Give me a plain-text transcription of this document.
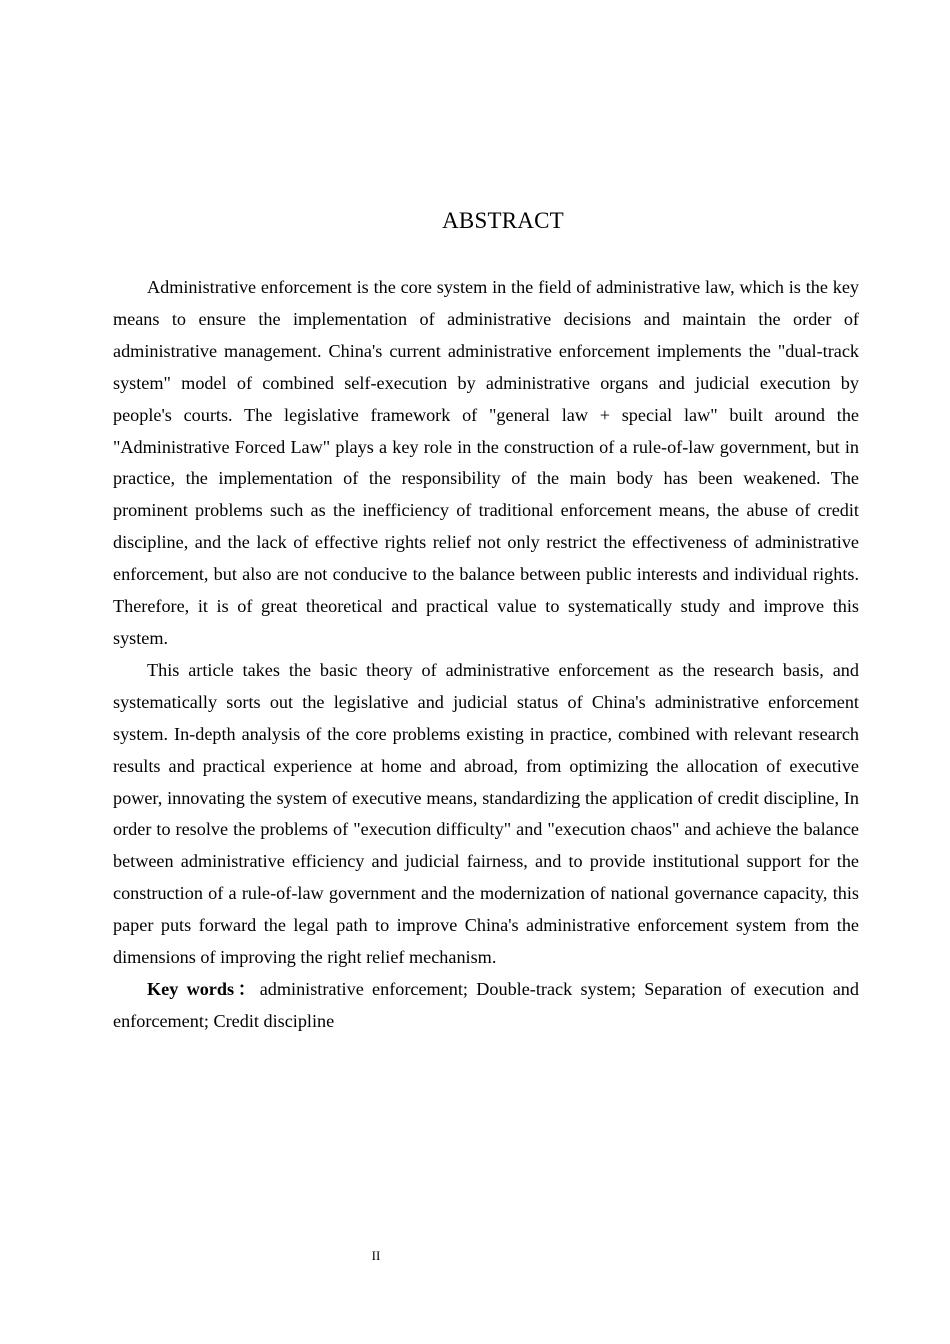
ABSTRACT

Administrative enforcement is the core system in the field of administrative law, which is the key means to ensure the implementation of administrative decisions and maintain the order of administrative management. China's current administrative enforcement implements the "dual-track system" model of combined self-execution by administrative organs and judicial execution by people's courts. The legislative framework of "general law + special law" built around the "Administrative Forced Law" plays a key role in the construction of a rule-of-law government, but in practice, the implementation of the responsibility of the main body has been weakened. The prominent problems such as the inefficiency of traditional enforcement means, the abuse of credit discipline, and the lack of effective rights relief not only restrict the effectiveness of administrative enforcement, but also are not conducive to the balance between public interests and individual rights. Therefore, it is of great theoretical and practical value to systematically study and improve this system.

This article takes the basic theory of administrative enforcement as the research basis, and systematically sorts out the legislative and judicial status of China's administrative enforcement system. In-depth analysis of the core problems existing in practice, combined with relevant research results and practical experience at home and abroad, from optimizing the allocation of executive power, innovating the system of executive means, standardizing the application of credit discipline, In order to resolve the problems of "execution difficulty" and "execution chaos" and achieve the balance between administrative efficiency and judicial fairness, and to provide institutional support for the construction of a rule-of-law government and the modernization of national governance capacity, this paper puts forward the legal path to improve China's administrative enforcement system from the dimensions of improving the right relief mechanism.

Key words：administrative enforcement; Double-track system; Separation of execution and enforcement; Credit discipline

II
